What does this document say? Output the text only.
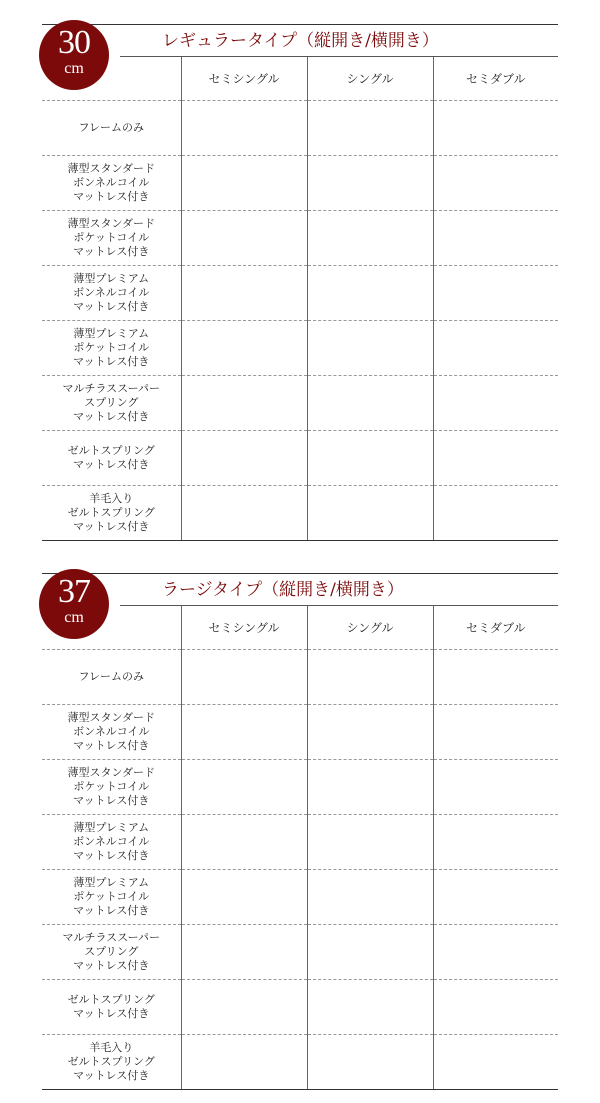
30
cm
レギュラータイプ（縦開き/横開き）
	セミシングル	シングル	セミダブル

フレームのみ			

薄型スタンダード
ボンネルコイル
マットレス付き			

薄型スタンダード
ポケットコイル
マットレス付き			

薄型プレミアム
ボンネルコイル
マットレス付き			

薄型プレミアム
ポケットコイル
マットレス付き			

マルチラススーパー
スプリング
マットレス付き			

ゼルトスプリング
マットレス付き			

羊毛入り
ゼルトスプリング
マットレス付き			

37
cm
ラージタイプ（縦開き/横開き）
	セミシングル	シングル	セミダブル

フレームのみ			

薄型スタンダード
ボンネルコイル
マットレス付き			

薄型スタンダード
ポケットコイル
マットレス付き			

薄型プレミアム
ボンネルコイル
マットレス付き			

薄型プレミアム
ポケットコイル
マットレス付き			

マルチラススーパー
スプリング
マットレス付き			

ゼルトスプリング
マットレス付き			

羊毛入り
ゼルトスプリング
マットレス付き			
